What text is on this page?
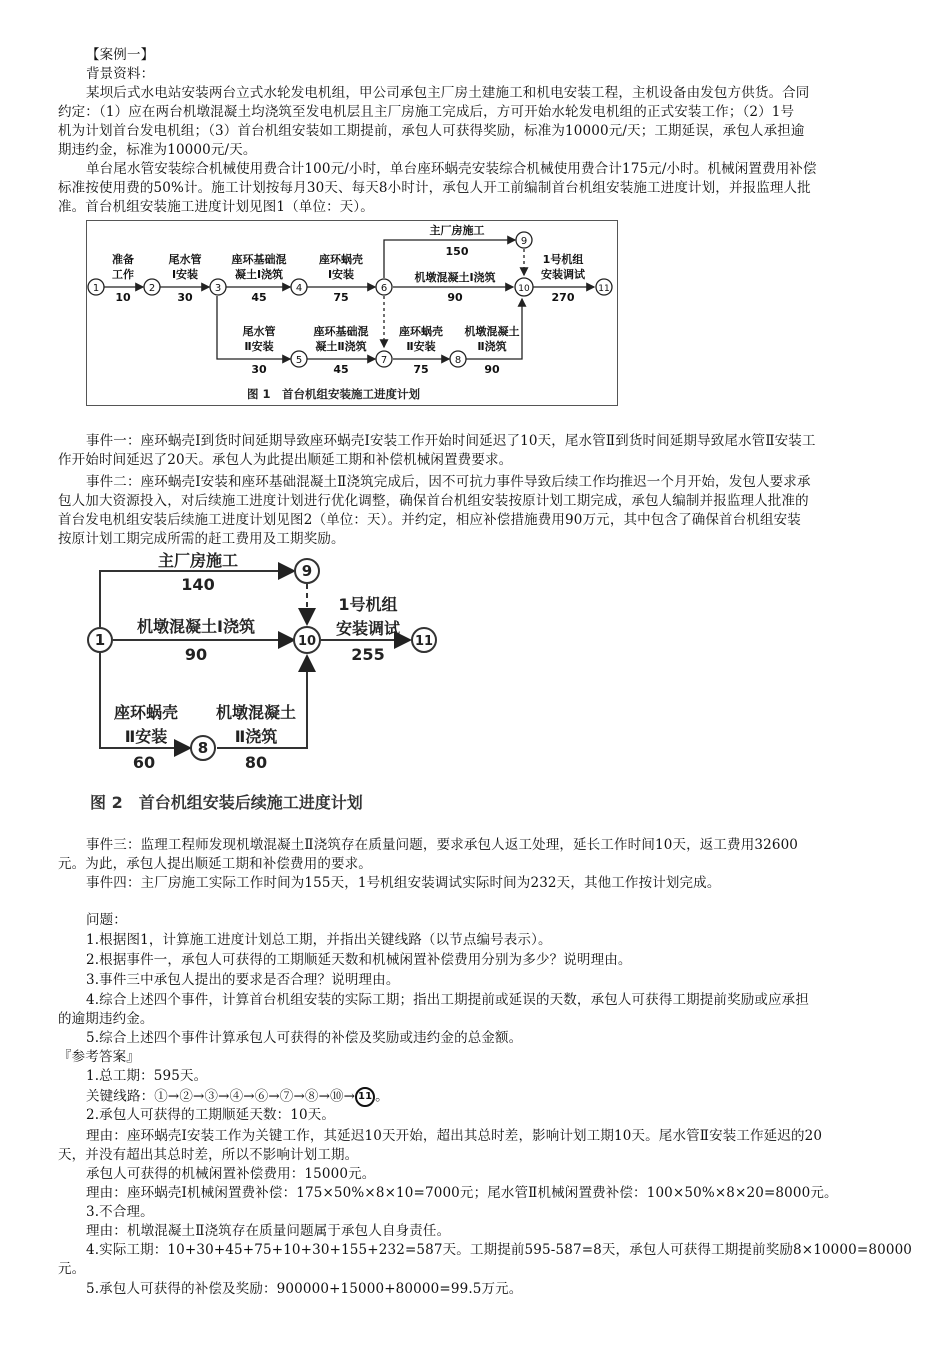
【案例一】
背景资料：
某坝后式水电站安装两台立式水轮发电机组，甲公司承包主厂房土建施工和机电安装工程，主机设备由发包方供货。合同
约定：（1）应在两台机墩混凝土均浇筑至发电机层且主厂房施工完成后，方可开始水轮发电机组的正式安装工作；（2）1号
机为计划首台发电机组；（3）首台机组安装如工期提前，承包人可获得奖励，标准为10000元/天；工期延误，承包人承担逾
期违约金，标准为10000元/天。
单台尾水管安装综合机械使用费合计100元/小时，单台座环蜗壳安装综合机械使用费合计175元/小时。机械闲置费用补偿
标准按使用费的50%计。施工计划按每月30天、每天8小时计，承包人开工前编制首台机组安装施工进度计划，并报监理人批
准。首台机组安装施工进度计划见图1（单位：天）。
1	2	3	4
5
6
7	8
9
10	11
准备
工作
10
尾水管
Ⅰ安装
30
座环基础混
凝土Ⅰ浇筑
45
座环蜗壳
Ⅰ安装
75
主厂房施工
150
机墩混凝土Ⅰ浇筑
90
1号机组
安装调试
270
尾水管
Ⅱ安装
30
座环基础混
凝土Ⅱ浇筑
45
座环蜗壳
Ⅱ安装
75
机墩混凝土
Ⅱ浇筑
90
图 1　首台机组安装施工进度计划
事件一：座环蜗壳Ⅰ到货时间延期导致座环蜗壳Ⅰ安装工作开始时间延迟了10天，尾水管Ⅱ到货时间延期导致尾水管Ⅱ安装工
作开始时间延迟了20天。承包人为此提出顺延工期和补偿机械闲置费要求。
事件二：座环蜗壳Ⅰ安装和座环基础混凝土Ⅱ浇筑完成后，因不可抗力事件导致后续工作均推迟一个月开始，发包人要求承
包人加大资源投入，对后续施工进度计划进行优化调整，确保首台机组安装按原计划工期完成，承包人编制并报监理人批准的
首台发电机组安装后续施工进度计划见图2（单位：天）。并约定，相应补偿措施费用90万元，其中包含了确保首台机组安装
按原计划工期完成所需的赶工费用及工期奖励。
1
8
9
10	11
主厂房施工
140
机墩混凝土Ⅰ浇筑
90
1号机组
安装调试
255
座环蜗壳
Ⅱ安装
60
机墩混凝土
Ⅱ浇筑
80
图 2　首台机组安装后续施工进度计划
事件三：监理工程师发现机墩混凝土Ⅱ浇筑存在质量问题，要求承包人返工处理，延长工作时间10天，返工费用32600
元。为此，承包人提出顺延工期和补偿费用的要求。
事件四：主厂房施工实际工作时间为155天，1号机组安装调试实际时间为232天，其他工作按计划完成。
问题：
1.根据图1，计算施工进度计划总工期，并指出关键线路（以节点编号表示）。
2.根据事件一，承包人可获得的工期顺延天数和机械闲置补偿费用分别为多少？说明理由。
3.事件三中承包人提出的要求是否合理？说明理由。
4.综合上述四个事件，计算首台机组安装的实际工期；指出工期提前或延误的天数，承包人可获得工期提前奖励或应承担
的逾期违约金。
5.综合上述四个事件计算承包人可获得的补偿及奖励或违约金的总金额。
『参考答案』
1.总工期：595天。
关键线路：①→②→③→④→⑥→⑦→⑧→⑩→ 11 。
2.承包人可获得的工期顺延天数：10天。
理由：座环蜗壳Ⅰ安装工作为关键工作，其延迟10天开始，超出其总时差，影响计划工期10天。尾水管Ⅱ安装工作延迟的20
天，并没有超出其总时差，所以不影响计划工期。
承包人可获得的机械闲置补偿费用：15000元。
理由：座环蜗壳Ⅰ机械闲置费补偿：175×50%×8×10=7000元；尾水管Ⅱ机械闲置费补偿：100×50%×8×20=8000元。
3.不合理。
理由：机墩混凝土Ⅱ浇筑存在质量问题属于承包人自身责任。
4.实际工期：10+30+45+75+10+30+155+232=587天。工期提前595-587=8天，承包人可获得工期提前奖励8×10000=80000
元。
5.承包人可获得的补偿及奖励：900000+15000+80000=99.5万元。
